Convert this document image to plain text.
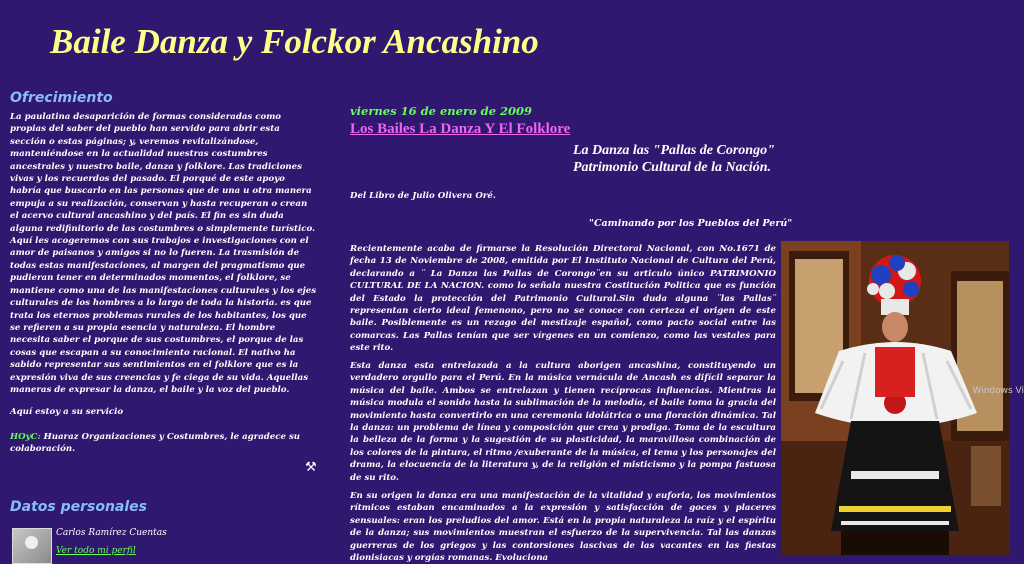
Baile Danza y Folckor Ancashino
Ofrecimiento

La paulatina desaparición de formas consideradas como propias del saber del pueblo han servido para abrir esta sección o estas páginas; y, veremos revitalizándose, manteniéndose en la actualidad nuestras costumbres ancestrales y nuestro baile, danza y folklore. Las tradiciones vivas y los recuerdos del pasado. El porqué de este apoyo habría que buscarlo en las personas que de una u otra manera empuja a su realización, conservan y hasta recuperan o crean el acervo cultural ancashino y del país. El fin es sin duda alguna redifinitorio de las costumbres o simplemente turístico. Aquí les acogeremos con sus trabajos e investigaciones con el amor de paisanos y amigos si no lo fueren. La trasmisión de todas estas manifestaciones, al margen del pragmatismo que pudieran tener en determinados momentos, el folklore, se mantiene como una de las manifestaciones culturales y los ejes culturales de los hombres a lo largo de toda la historia. es que trata los eternos problemas rurales de los habitantes, los que se refieren a su propia esencia y naturaleza. El hombre necesita saber el porque de sus costumbres, el porque de las cosas que escapan a su conocimiento racional. El nativo ha sabido representar sus sentimientos en el folklore que es la expresión viva de sus creencias y fe ciega de su vida. Aquellas maneras de expresar la danza, el baile y la voz del pueblo.

Aquí estoy a su servicio

HOyC: Huaraz Organizaciones y Costumbres, le agradece su colaboración.

⚒
Datos personales

Carlos Ramírez Cuentas

Ver todo mi perfil

viernes 16 de enero de 2009
Los Bailes La Danza Y El Folklore

La Danza las "Pallas de Corongo"
Patrimonio Cultural de la Nación.

Del Libro de Julio Olivera Oré.

"Caminando por los Pueblos del Perú"

Recientemente acaba de firmarse la Resolución Directoral Nacional, con No.1671 de fecha 13 de Noviembre de 2008, emitida por El Instituto Nacional de Cultura del Perú, declarando a ¨ La Danza las Pallas de Corongo¨en su articulo único PATRIMONIO CULTURAL DE LA NACION. como lo señala nuestra Costitución Politica que es función del Estado la protección del Patrimonio Cultural.Sin duda alguna ¨las Pallas¨ representan cierto ideal femenono, pero no se conoce con certeza el origen de este baile. Posiblemente es un rezago del mestizaje español, como pacto social entre las comarcas. Las Pallas tenían que ser vírgenes en un comienzo, como las vestales para este rito.

Esta danza esta entrelazada a la cultura aborigen ancashina, constituyendo un verdadero orgullo para el Perú. En la música vernácula de Ancash es difícil separar la música del baile. Ambos se entrelazan y tienen recíprocas influencias. Mientras la música modula el sonido hasta la sublimación de la melodía, el baile toma la gracia del movimiento hasta convertirlo en una ceremonia idolátrica o una floración dinámica. Tal la danza: un problema de línea y composición que crea y prodiga. Toma de la escultura la belleza de la forma y la sugestión de su plasticidad, la maravillosa combinación de los colores de la pintura, el ritmo /exuberante de la música, el tema y los personajes del drama, la elocuencia de la literatura y, de la religión el misticismo y la pompa fastuosa de su rito.

En su origen la danza era una manifestación de la vitalidad y euforia, los movimientos rítmicos estaban encaminados a la expresión y satisfacción de goces y placeres sensuales: eran los preludios del amor. Está en la propia naturaleza la raíz y el espíritu de la danza; sus movimientos muestran el esfuerzo de la supervivencia. Tal las danzas guerreras de los griegos y las contorsiones lascivas de las vacantes en las fiestas dionisiacas y orgías romanas. Evoluciona

Windows Vi
